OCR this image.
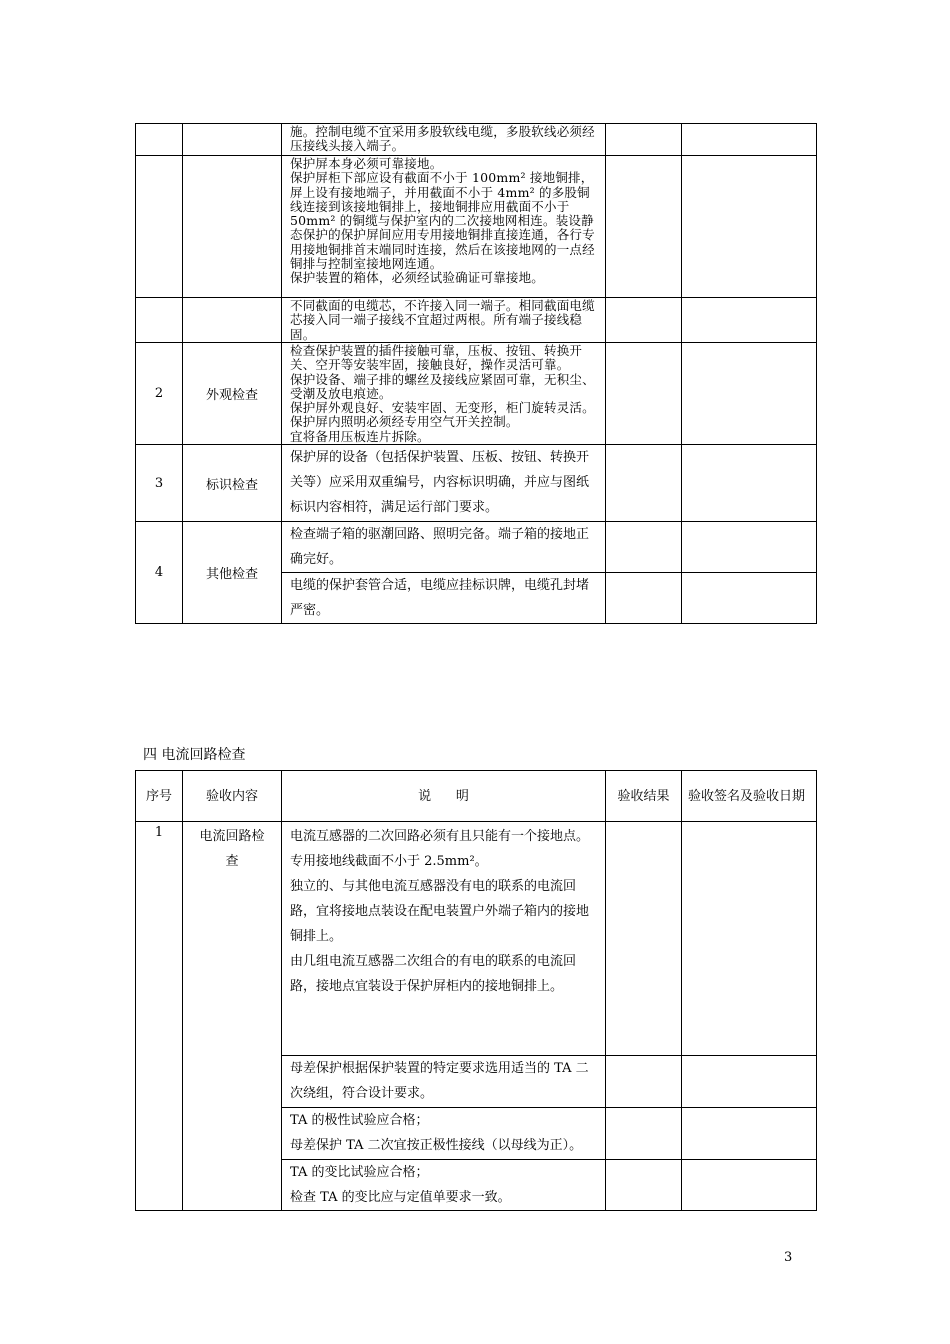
		施。控制电缆不宜采用多股软线电缆，多股软线必须经压接线头接入端子。		

		保护屏本身必须可靠接地。
保护屏柜下部应设有截面不小于 100mm² 接地铜排，屏上设有接地端子，并用截面不小于 4mm² 的多股铜线连接到该接地铜排上，接地铜排应用截面不小于 50mm² 的铜缆与保护室内的二次接地网相连。装设静态保护的保护屏间应用专用接地铜排直接连通，各行专用接地铜排首末端同时连接，然后在该接地网的一点经铜排与控制室接地网连通。
保护装置的箱体，必须经试验确证可靠接地。		

		不同截面的电缆芯，不许接入同一端子。相同截面电缆芯接入同一端子接线不宜超过两根。所有端子接线稳固。		

2	外观检查	检查保护装置的插件接触可靠，压板、按钮、转换开关、空开等安装牢固，接触良好，操作灵活可靠。
保护设备、端子排的螺丝及接线应紧固可靠，无积尘、受潮及放电痕迹。
保护屏外观良好、安装牢固、无变形，柜门旋转灵活。保护屏内照明必须经专用空气开关控制。
宜将备用压板连片拆除。		

3	标识检查	保护屏的设备（包括保护装置、压板、按钮、转换开关等）应采用双重编号，内容标识明确，并应与图纸标识内容相符，满足运行部门要求。		

4	其他检查	检查端子箱的驱潮回路、照明完备。端子箱的接地正确完好。		

		电缆的保护套管合适，电缆应挂标识牌，电缆孔封堵严密。		

四 电流回路检查
序号	验收内容	说      明	验收结果	验收签名及验收日期
1	电流回路检查	电流互感器的二次回路必须有且只能有一个接地点。专用接地线截面不小于 2.5mm²。
独立的、与其他电流互感器没有电的联系的电流回路，宜将接地点装设在配电装置户外端子箱内的接地铜排上。
由几组电流互感器二次组合的有电的联系的电流回路，接地点宜装设于保护屏柜内的接地铜排上。		

		母差保护根据保护装置的特定要求选用适当的 TA 二次绕组，符合设计要求。		

		TA 的极性试验应合格；
母差保护 TA 二次宜按正极性接线（以母线为正）。		

		TA 的变比试验应合格；
检查 TA 的变比应与定值单要求一致。		

3
